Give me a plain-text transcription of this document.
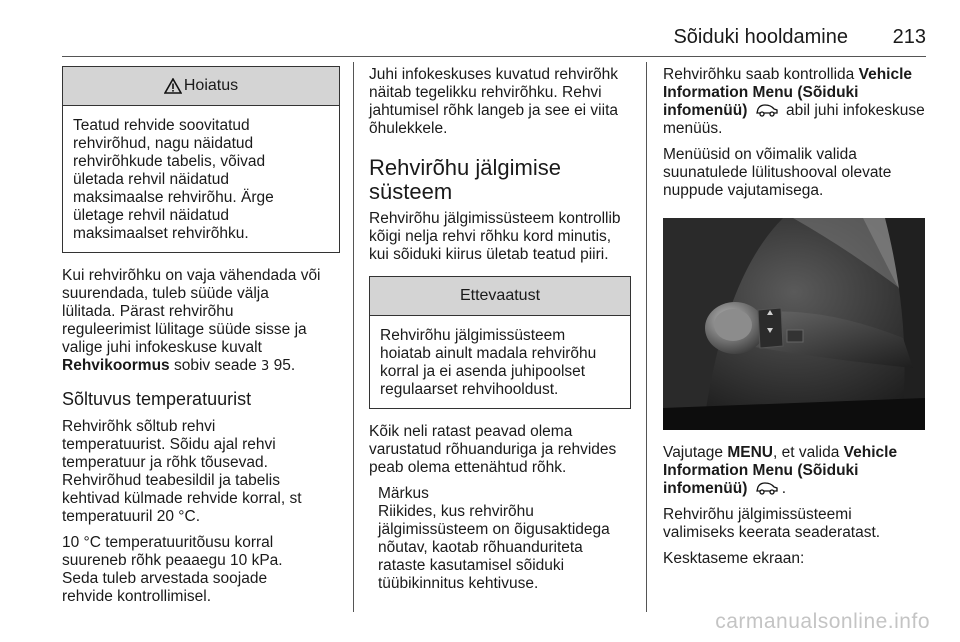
Sõiduki hooldamine 213
Hoiatus
Teatud rehvide soovitatud
rehvirõhud, nagu näidatud
rehvirõhkude tabelis, võivad
ületada rehvil näidatud
maksimaalse rehvirõhu. Ärge
ületage rehvil näidatud
maksimaalset rehvirõhku.

Kui rehvirõhku on vaja vähendada või
suurendada, tuleb süüde välja
lülitada. Pärast rehvirõhu
reguleerimist lülitage süüde sisse ja
valige juhi infokeskuse kuvalt
Rehvikoormus sobiv seade 3 95.

Sõltuvus temperatuurist

Rehvirõhk sõltub rehvi
temperatuurist. Sõidu ajal rehvi
temperatuur ja rõhk tõusevad.
Rehvirõhud teabesildil ja tabelis
kehtivad külmade rehvide korral, st
temperatuuril 20 °C.

10 °C temperatuuritõusu korral
suureneb rõhk peaaegu 10 kPa.
Seda tuleb arvestada soojade
rehvide kontrollimisel.

Juhi infokeskuses kuvatud rehvirõhk
näitab tegelikku rehvirõhku. Rehvi
jahtumisel rõhk langeb ja see ei viita
õhulekkele.

Rehvirõhu jälgimise
süsteem

Rehvirõhu jälgimissüsteem kontrollib
kõigi nelja rehvi rõhku kord minutis,
kui sõiduki kiirus ületab teatud piiri.

Ettevaatust
Rehvirõhu jälgimissüsteem
hoiatab ainult madala rehvirõhu
korral ja ei asenda juhipoolset
regulaarset rehvihooldust.

Kõik neli ratast peavad olema
varustatud rõhuanduriga ja rehvides
peab olema ettenähtud rõhk.

Märkus

Riikides, kus rehvirõhu
jälgimissüsteem on õigusaktidega
nõutav, kaotab rõhuanduriteta
rataste kasutamisel sõiduki
tüübikinnitus kehtivuse.

Rehvirõhku saab kontrollida Vehicle
Information Menu (Sõiduki
infomenüü)  abil juhi infokeskuse
menüüs.

Menüüsid on võimalik valida
suunatulede lülitushooval olevate
nuppude vajutamisega.

Vajutage MENU, et valida Vehicle
Information Menu (Sõiduki
infomenüü) .

Rehvirõhu jälgimissüsteemi
valimiseks keerata seaderatast.

Kesktaseme ekraan:

carmanualsonline.info
